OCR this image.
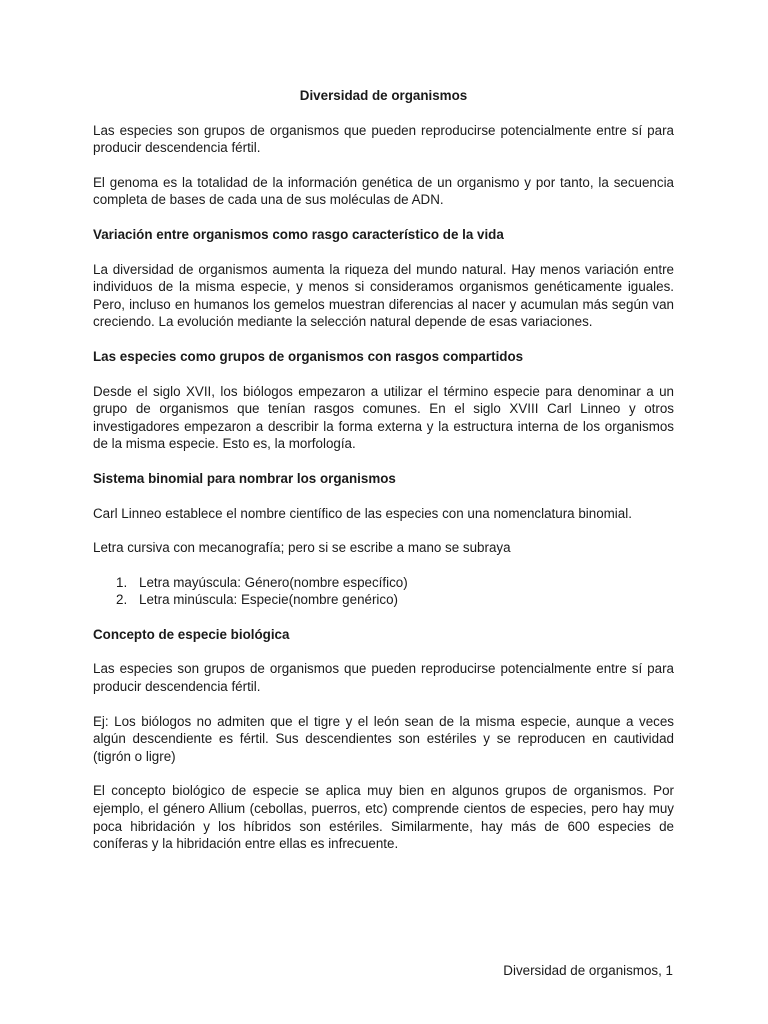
Diversidad de organismos

Las especies son grupos de organismos que pueden reproducirse potencialmente entre sí para producir descendencia fértil.

El genoma es la totalidad de la información genética de un organismo y por tanto, la secuencia completa de bases de cada una de sus moléculas de ADN.

Variación entre organismos como rasgo característico de la vida

La diversidad de organismos aumenta la riqueza del mundo natural. Hay menos variación entre individuos de la misma especie, y menos si consideramos organismos genéticamente iguales. Pero, incluso en humanos los gemelos muestran diferencias al nacer y acumulan más según van creciendo. La evolución mediante la selección natural depende de esas variaciones.

Las especies como grupos de organismos con rasgos compartidos

Desde el siglo XVII, los biólogos empezaron a utilizar el término especie para denominar a un grupo de organismos que tenían rasgos comunes. En el siglo XVIII Carl Linneo y otros investigadores empezaron a describir la forma externa y la estructura interna de los organismos de la misma especie. Esto es, la morfología.

Sistema binomial para nombrar los organismos

Carl Linneo establece el nombre científico de las especies con una nomenclatura binomial.

Letra cursiva con mecanografía; pero si se escribe a mano se subraya

1. Letra mayúscula: Género(nombre específico)
2. Letra minúscula: Especie(nombre genérico)
Concepto de especie biológica

Las especies son grupos de organismos que pueden reproducirse potencialmente entre sí para producir descendencia fértil.

Ej: Los biólogos no admiten que el tigre y el león sean de la misma especie, aunque a veces algún descendiente es fértil. Sus descendientes son estériles y se reproducen en cautividad (tigrón o ligre)

El concepto biológico de especie se aplica muy bien en algunos grupos de organismos. Por ejemplo, el género Allium (cebollas, puerros, etc) comprende cientos de especies, pero hay muy poca hibridación y los híbridos son estériles. Similarmente, hay más de 600 especies de coníferas y la hibridación entre ellas es infrecuente.

Diversidad de organismos, 1
